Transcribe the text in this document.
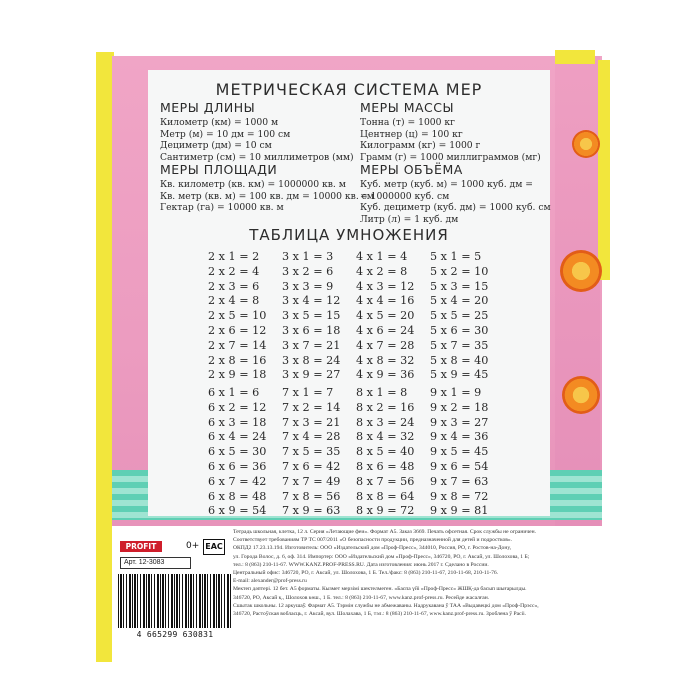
МЕТРИЧЕСКАЯ СИСТЕМА МЕР
МЕРЫ ДЛИНЫ
Километр (км) = 1000 м
Метр (м) = 10 дм = 100 см
Дециметр (дм) = 10 см
Сантиметр (см) = 10 миллиметров (мм)
МЕРЫ МАССЫ
Тонна (т) = 1000 кг
Центнер (ц) = 100 кг
Килограмм (кг) = 1000 г
Грамм (г) = 1000 миллиграммов (мг)
МЕРЫ ПЛОЩАДИ
Кв. километр (кв. км) = 1000000 кв. м
Кв. метр (кв. м) = 100 кв. дм = 10000 кв. см
Гектар (га) = 10000 кв. м
МЕРЫ ОБЪЁМА
Куб. метр (куб. м) = 1000 куб. дм =
= 1000000 куб. см
Куб. дециметр (куб. дм) = 1000 куб. см
Литр (л) = 1 куб. дм
ТАБЛИЦА УМНОЖЕНИЯ
2 x 1 = 2
2 x 2 = 4
2 x 3 = 6
2 x 4 = 8
2 x 5 = 10
2 x 6 = 12
2 x 7 = 14
2 x 8 = 16
2 x 9 = 18
3 x 1 = 3
3 x 2 = 6
3 x 3 = 9
3 x 4 = 12
3 x 5 = 15
3 x 6 = 18
3 x 7 = 21
3 x 8 = 24
3 x 9 = 27
4 x 1 = 4
4 x 2 = 8
4 x 3 = 12
4 x 4 = 16
4 x 5 = 20
4 x 6 = 24
4 x 7 = 28
4 x 8 = 32
4 x 9 = 36
5 x 1 = 5
5 x 2 = 10
5 x 3 = 15
5 x 4 = 20
5 x 5 = 25
5 x 6 = 30
5 x 7 = 35
5 x 8 = 40
5 x 9 = 45
6 x 1 = 6
6 x 2 = 12
6 x 3 = 18
6 x 4 = 24
6 x 5 = 30
6 x 6 = 36
6 x 7 = 42
6 x 8 = 48
6 x 9 = 54
7 x 1 = 7
7 x 2 = 14
7 x 3 = 21
7 x 4 = 28
7 x 5 = 35
7 x 6 = 42
7 x 7 = 49
7 x 8 = 56
7 x 9 = 63
8 x 1 = 8
8 x 2 = 16
8 x 3 = 24
8 x 4 = 32
8 x 5 = 40
8 x 6 = 48
8 x 7 = 56
8 x 8 = 64
8 x 9 = 72
9 x 1 = 9
9 x 2 = 18
9 x 3 = 27
9 x 4 = 36
9 x 5 = 45
9 x 6 = 54
9 x 7 = 63
9 x 8 = 72
9 x 9 = 81
PROFIT	0+ EAC
Арт. 12-3083
4 665299 630831

Тетрадь школьная, клетка, 12 л. Серия «Летающие феи». Формат А5. Заказ 3669. Печать офсетная. Срок службы не ограничен.

Соответствует требованиям ТР ТС 007/2011 «О безопасности продукции, предназначенной для детей и подростков».

ОКПД2 17.23.13.194. Изготовитель: ООО «Издательский дом «Проф-Пресс», 344010, Россия, РО, г. Ростов-на-Дону,

ул. Города Волос, д. 6, оф. 314. Импортер: ООО «Издательский дом «Проф-Пресс», 346720, РО, г. Аксай, ул. Шолохова, 1 Б;

тел.: 8 (863) 210-11-67. WWW.KANZ.PROF-PRESS.RU. Дата изготовления: июнь 2017 г. Сделано в России.

Центральный офис: 346720, РО, г. Аксай, ул. Шолохова, 1 Б. Тел./факс: 8 (863) 210-11-67, 210-11-68, 210-11-76.

E-mail: alexander@prof-press.ru

Мектеп дәптері. 12 бет. А5 форматы. Кызмет мерзімі шектелмеген. «Баспа үйі «Проф-Пресс» ЖШҚ-да басып шығарылды.

346720, РО, Аксай қ., Шолохов көш., 1 Б. тел.: 8 (863) 210-11-67, www.kanz.prof-press.ru. Ресейде жасалған.

Сшытак школьны. 12 аркушаў. Фармат А5. Тэрмін службы не абмежаваны. Надрукавана ў ТАА «Выдавецкі дом «Проф-Прэсс»,

346720, Растоўская вобласць, г. Аксай, вул. Шолахава, 1 Б, тэл.: 8 (863) 210-11-67, www.kanz.prof-press.ru. Зроблена ў Расіі.
